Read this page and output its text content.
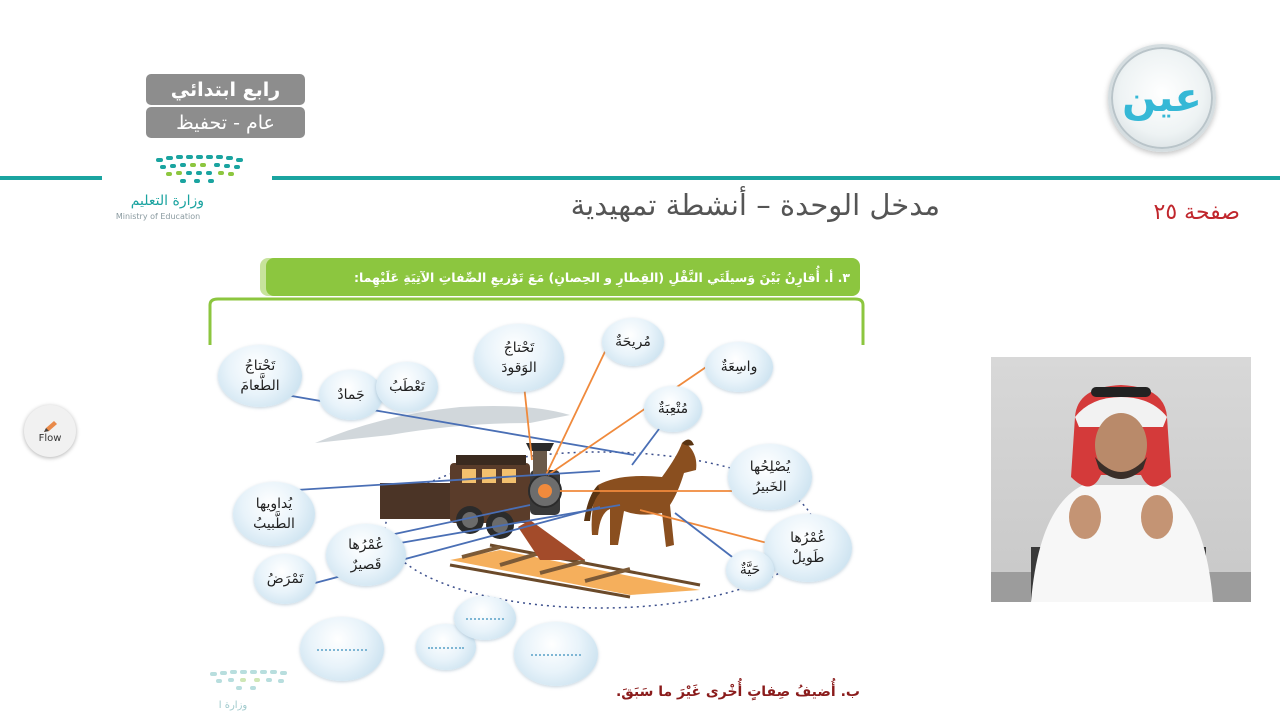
رابع ابتدائي
عام - تحفيظ
عين
وزارة التعليم
Ministry of Education	مدخل الوحدة – أنشطة تمهيدية	صفحة ٢٥
٣. أ. أُقارِنُ بَيْنَ وَسيلَتَي النَّقْلِ (القِطارِ و الحِصانِ) مَعَ تَوْزيعِ الصِّفاتِ الآتِيَةِ عَلَيْهِما:
تَحْتاجُ
الطَّعامَ
جَمادٌ تَعْطَبُ
تَحْتاجُ
الوَقودَ
مُريحَةٌ
واسِعَةٌ
مُتْعِبَةٌ
يُصْلِحُها
الخَبيرُ
يُداويها
الطَّبيبُ
عُمْرُها
قَصيرٌ
عُمْرُها
طَويلٌ
تَمْرَضُ
حَيَّةٌ
ب. أُضيفُ صِفاتٍ أُخْرى غَيْرَ ما سَبَقَ.
Flow
وزارة ا
